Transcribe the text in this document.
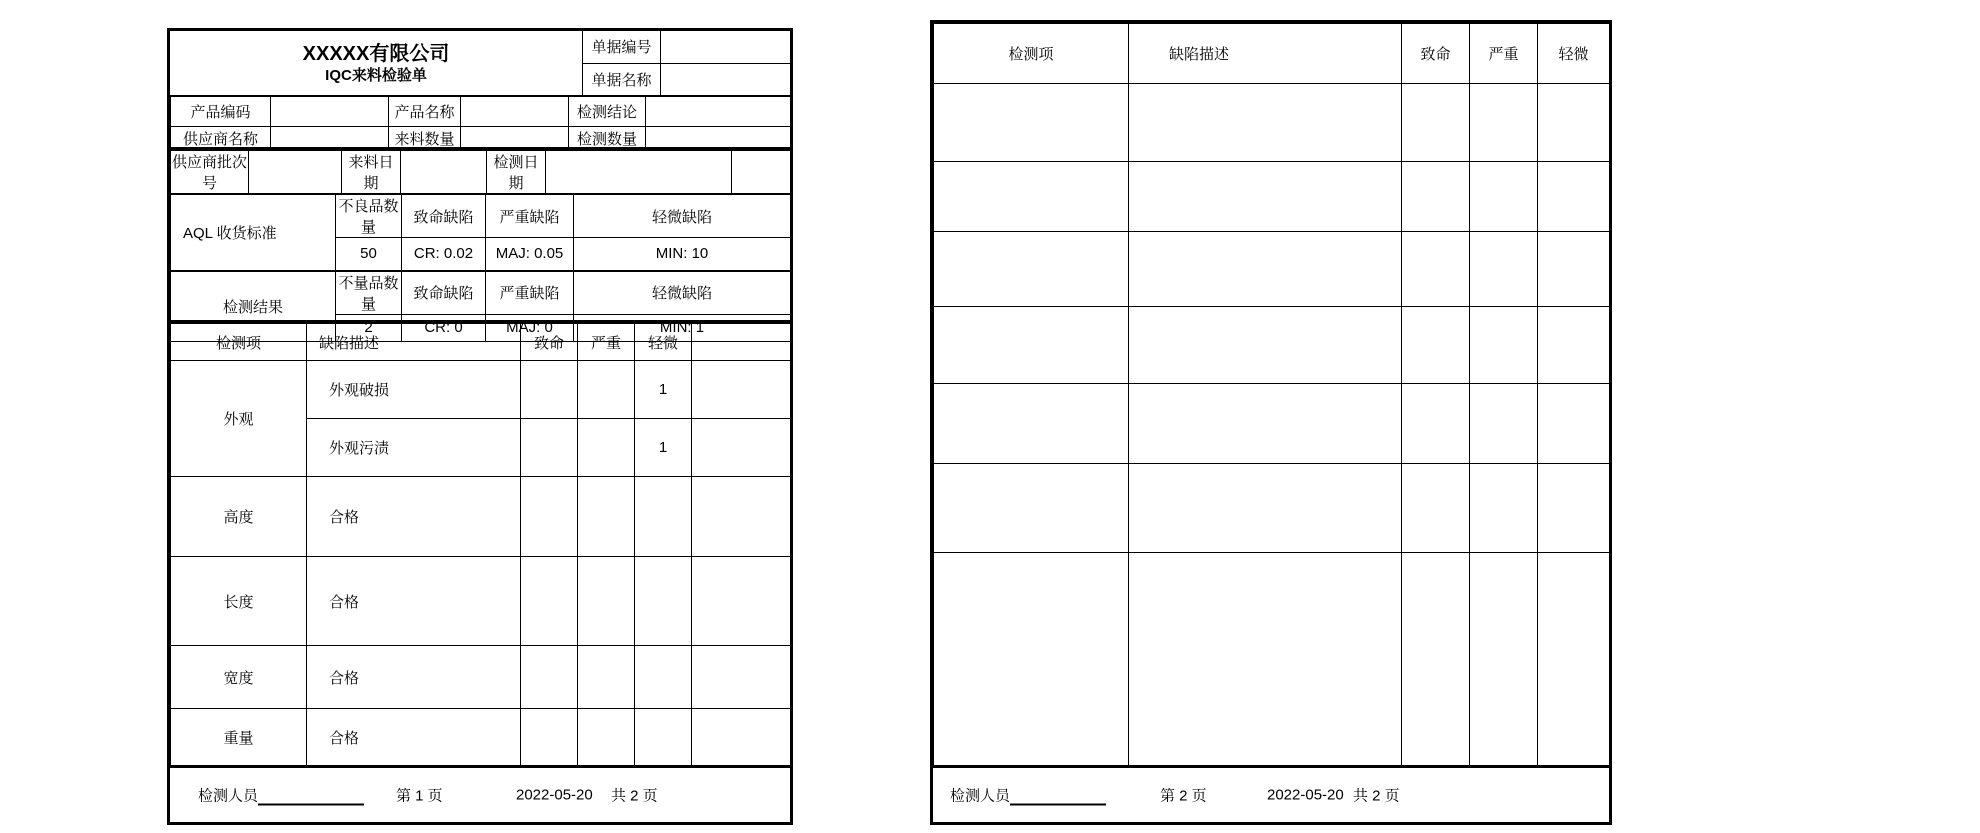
XXXXX有限公司
IQC来料检验单
单据编号
单据名称
产品编码		产品名称		检测结论	
供应商名称		来料数量		检测数量	
供应商批次号		来料日期		检测日期		
AQL 收货标准	不良品数量	致命缺陷	严重缺陷	轻微缺陷
	50	CR: 0.02	MAJ: 0.05	MIN: 10
检测结果	不量品数量	致命缺陷	严重缺陷	轻微缺陷
	2	CR: 0	MAJ: 0	MIN: 1
检测项	缺陷描述	致命	严重	轻微	
外观	外观破损			1	
	外观污渍			1	
高度	合格				
长度	合格				
宽度	合格				
重量	合格				
检测人员	第 1 页	2022-05-20 共 2 页
检测项	缺陷描述	致命	严重	轻微

检测人员	第 2 页	2022-05-20 共 2 页
